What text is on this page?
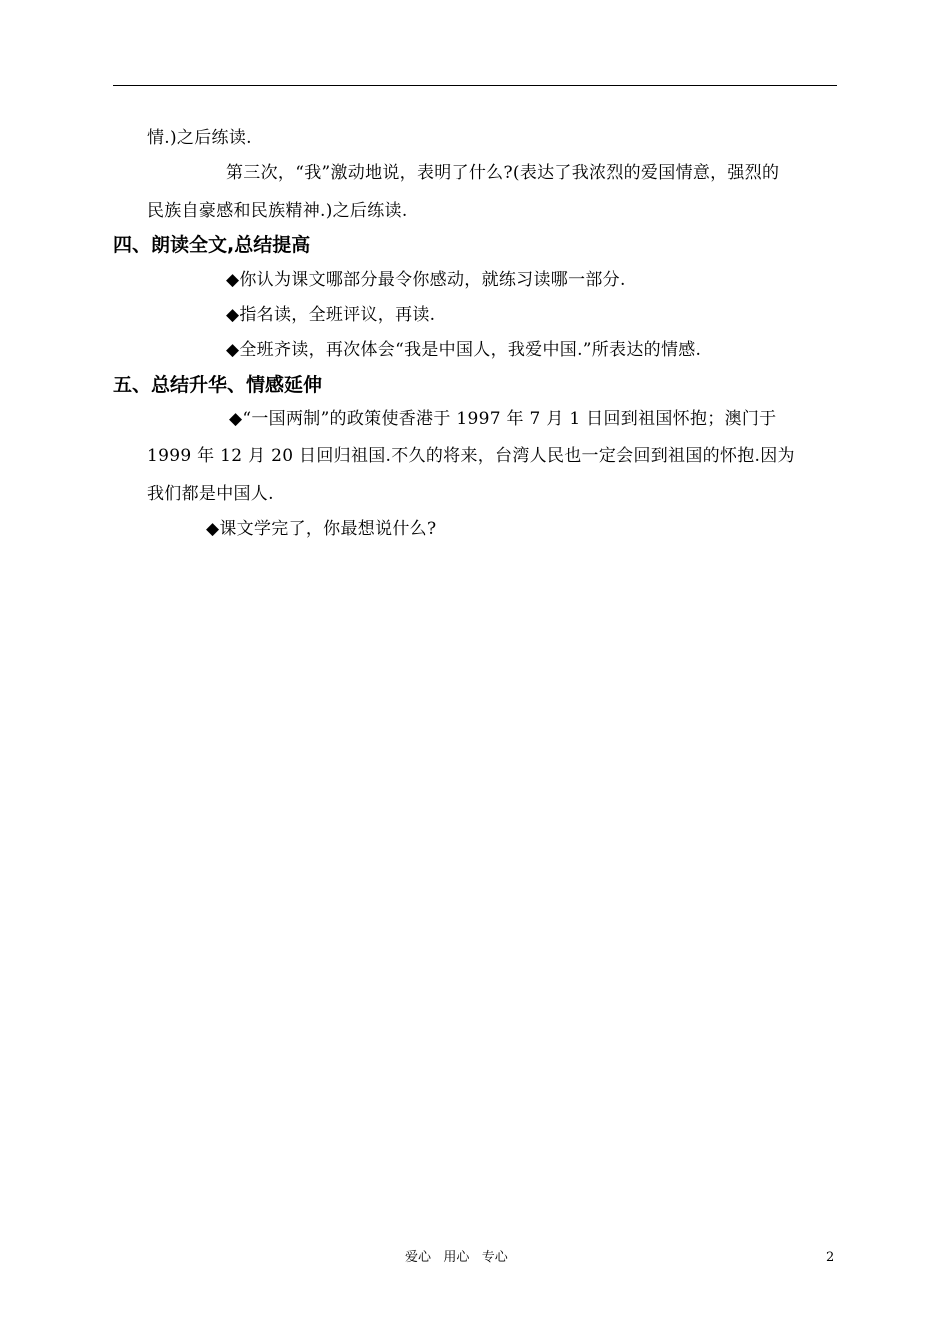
情.)之后练读.
第三次，“我”激动地说，表明了什么?(表达了我浓烈的爱国情意，强烈的
民族自豪感和民族精神.)之后练读.
四、朗读全文,总结提高
◆你认为课文哪部分最令你感动，就练习读哪一部分.
◆指名读，全班评议，再读.
◆全班齐读，再次体会“我是中国人，我爱中国.”所表达的情感.
五、总结升华、情感延伸
◆“一国两制”的政策使香港于 1997 年 7 月 1 日回到祖国怀抱；澳门于
1999 年 12 月 20 日回归祖国.不久的将来，台湾人民也一定会回到祖国的怀抱.因为
我们都是中国人.
◆课文学完了，你最想说什么?
爱心   用心   专心	2
